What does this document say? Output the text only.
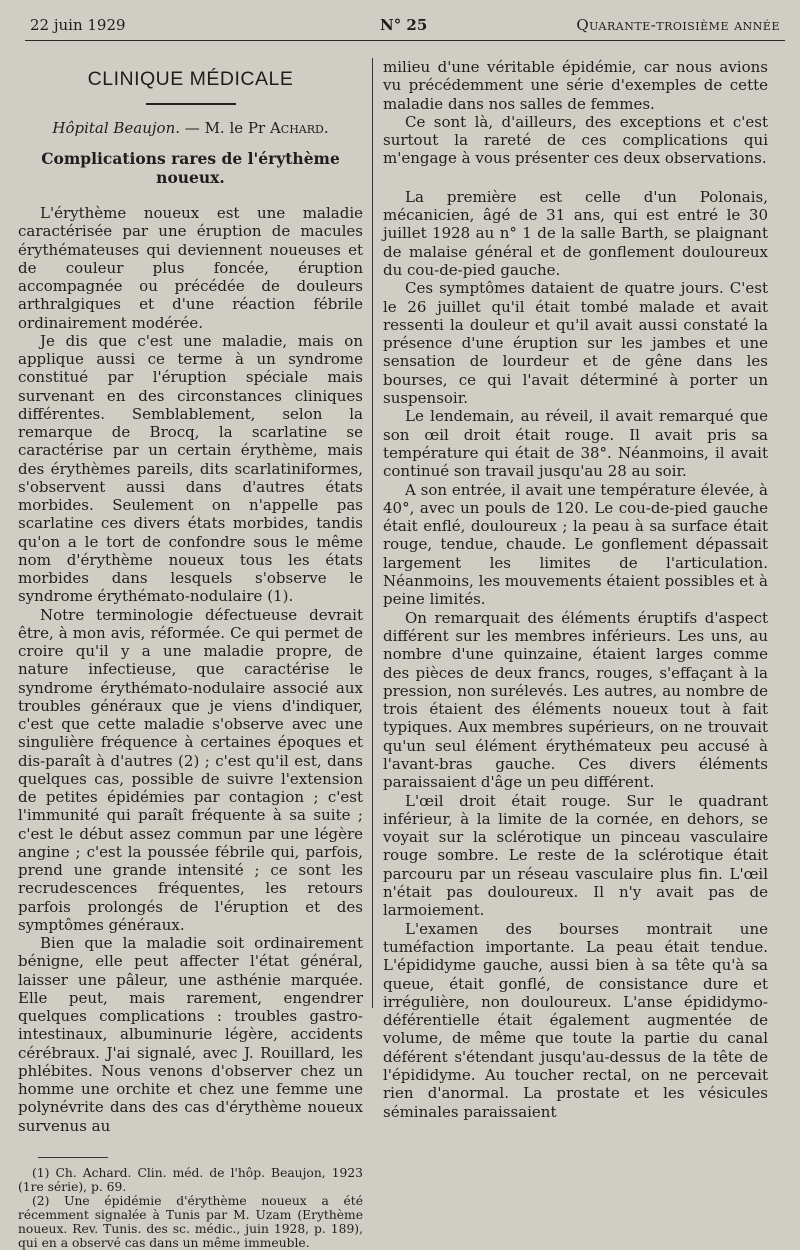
22 juin 1929	N° 25	Quarante-troisième année
CLINIQUE MÉDICALE
Hôpital Beaujon. — M. le Pr Achard.
Complications rares de l'érythème noueux.

L'érythème noueux est une maladie caractérisée par une éruption de macules érythémateuses qui deviennent noueuses et de couleur plus foncée, éruption accompagnée ou précédée de douleurs arthralgiques et d'une réaction fébrile ordinairement modérée.

Je dis que c'est une maladie, mais on applique aussi ce terme à un syndrome constitué par l'éruption spéciale mais survenant en des circonstances cliniques différentes. Semblablement, selon la remarque de Brocq, la scarlatine se caractérise par un certain érythème, mais des érythèmes pareils, dits scarlatiniformes, s'observent aussi dans d'autres états morbides. Seulement on n'appelle pas scarlatine ces divers états morbides, tandis qu'on a le tort de confondre sous le même nom d'érythème noueux tous les états morbides dans lesquels s'observe le syndrome érythémato-nodulaire (1).

Notre terminologie défectueuse devrait être, à mon avis, réformée. Ce qui permet de croire qu'il y a une maladie propre, de nature infectieuse, que caractérise le syndrome érythémato-nodulaire associé aux troubles généraux que je viens d'indiquer, c'est que cette maladie s'observe avec une singulière fréquence à certaines époques et dis-paraît à d'autres (2) ; c'est qu'il est, dans quelques cas, possible de suivre l'extension de petites épidémies par contagion ; c'est l'immunité qui paraît fréquente à sa suite ; c'est le début assez commun par une légère angine ; c'est la poussée fébrile qui, parfois, prend une grande intensité ; ce sont les recrudescences fréquentes, les retours parfois prolongés de l'éruption et des symptômes généraux.

Bien que la maladie soit ordinairement bénigne, elle peut affecter l'état général, laisser une pâleur, une asthénie marquée. Elle peut, mais rarement, engendrer quelques complications : troubles gastro-intestinaux, albuminurie légère, accidents cérébraux. J'ai signalé, avec J. Rouillard, les phlébites. Nous venons d'observer chez un homme une orchite et chez une femme une polynévrite dans des cas d'érythème noueux survenus au

(1) Ch. Achard. Clin. méd. de l'hôp. Beaujon, 1923 (1re série), p. 69.

(2) Une épidémie d'érythème noueux a été récemment signalée à Tunis par M. Uzam (Erythème noueux. Rev. Tunis. des sc. médic., juin 1928, p. 189), qui en a observé cas dans un même immeuble.

milieu d'une véritable épidémie, car nous avions vu précédemment une série d'exemples de cette maladie dans nos salles de femmes.

Ce sont là, d'ailleurs, des exceptions et c'est surtout la rareté de ces complications qui m'engage à vous présenter ces deux observations.

La première est celle d'un Polonais, mécanicien, âgé de 31 ans, qui est entré le 30 juillet 1928 au n° 1 de la salle Barth, se plaignant de malaise général et de gonflement douloureux du cou-de-pied gauche.

Ces symptômes dataient de quatre jours. C'est le 26 juillet qu'il était tombé malade et avait ressenti la douleur et qu'il avait aussi constaté la présence d'une éruption sur les jambes et une sensation de lourdeur et de gêne dans les bourses, ce qui l'avait déterminé à porter un suspensoir.

Le lendemain, au réveil, il avait remarqué que son œil droit était rouge. Il avait pris sa température qui était de 38°. Néanmoins, il avait continué son travail jusqu'au 28 au soir.

A son entrée, il avait une température élevée, à 40°, avec un pouls de 120. Le cou-de-pied gauche était enflé, douloureux ; la peau à sa surface était rouge, tendue, chaude. Le gonflement dépassait largement les limites de l'articulation. Néanmoins, les mouvements étaient possibles et à peine limités.

On remarquait des éléments éruptifs d'aspect différent sur les membres inférieurs. Les uns, au nombre d'une quinzaine, étaient larges comme des pièces de deux francs, rouges, s'effaçant à la pression, non surélevés. Les autres, au nombre de trois étaient des éléments noueux tout à fait typiques. Aux membres supérieurs, on ne trouvait qu'un seul élément érythémateux peu accusé à l'avant-bras gauche. Ces divers éléments paraissaient d'âge un peu différent.

L'œil droit était rouge. Sur le quadrant inférieur, à la limite de la cornée, en dehors, se voyait sur la sclérotique un pinceau vasculaire rouge sombre. Le reste de la sclérotique était parcouru par un réseau vasculaire plus fin. L'œil n'était pas douloureux. Il n'y avait pas de larmoiement.

L'examen des bourses montrait une tuméfaction importante. La peau était tendue. L'épididyme gauche, aussi bien à sa tête qu'à sa queue, était gonflé, de consistance dure et irrégulière, non douloureux. L'anse épididymo-déférentielle était également augmentée de volume, de même que toute la partie du canal déférent s'étendant jusqu'au-dessus de la tête de l'épididyme. Au toucher rectal, on ne percevait rien d'anormal. La prostate et les vésicules séminales paraissaient
